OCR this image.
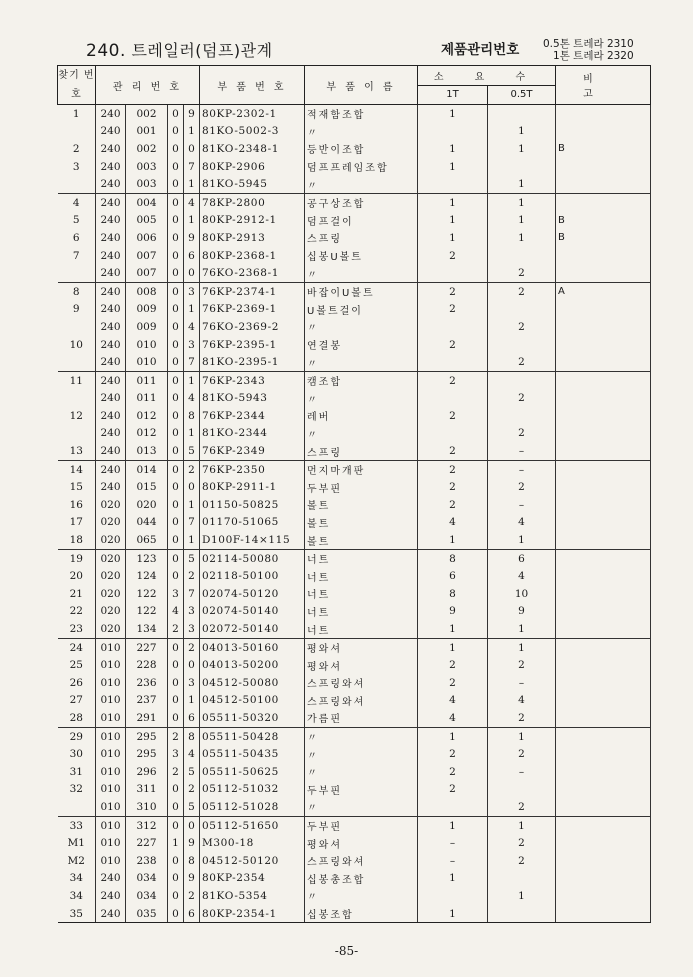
240. 트레일러(덤프)관계	제품관리번호 0.5톤 트레라 2310
1톤 트레라 2320
찾기 번호	관 리 번 호				부 품 번 호	부 품 이 름	소 요 수		비 고
							1T	0.5T	
1	240	002	0	9	80KP-2302-1	적재함조합	1		
	240	001	0	1	81KO-5002-3	〃		1	
2	240	002	0	0	81KO-2348-1	등반이조합	1	1	B
3	240	003	0	7	80KP-2906	덤프프레임조합	1		
	240	003	0	1	81KO-5945	〃		1	
4	240	004	0	4	78KP-2800	공구상조합	1	1	
5	240	005	0	1	80KP-2912-1	덤프걸이	1	1	B
6	240	006	0	9	80KP-2913	스프링	1	1	B
7	240	007	0	6	80KP-2368-1	십봉U볼트	2		
	240	007	0	0	76KO-2368-1	〃		2	
8	240	008	0	3	76KP-2374-1	바잡이U볼트	2	2	A
9	240	009	0	1	76KP-2369-1	U볼트걸이	2		
	240	009	0	4	76KO-2369-2	〃		2	
10	240	010	0	3	76KP-2395-1	연결봉	2		
	240	010	0	7	81KO-2395-1	〃		2	
11	240	011	0	1	76KP-2343	캠조합	2		
	240	011	0	4	81KO-5943	〃		2	
12	240	012	0	8	76KP-2344	레버	2		
	240	012	0	1	81KO-2344	〃		2	
13	240	013	0	5	76KP-2349	스프링	2	–	
14	240	014	0	2	76KP-2350	먼지마개판	2	–	
15	240	015	0	0	80KP-2911-1	두부핀	2	2	
16	020	020	0	1	01150-50825	볼트	2	–	
17	020	044	0	7	01170-51065	볼트	4	4	
18	020	065	0	1	D100F-14×115	볼트	1	1	
19	020	123	0	5	02114-50080	너트	8	6	
20	020	124	0	2	02118-50100	너트	6	4	
21	020	122	3	7	02074-50120	너트	8	10	
22	020	122	4	3	02074-50140	너트	9	9	
23	020	134	2	3	02072-50140	너트	1	1	
24	010	227	0	2	04013-50160	평와셔	1	1	
25	010	228	0	0	04013-50200	평와셔	2	2	
26	010	236	0	3	04512-50080	스프링와셔	2	–	
27	010	237	0	1	04512-50100	스프링와셔	4	4	
28	010	291	0	6	05511-50320	가름핀	4	2	
29	010	295	2	8	05511-50428	〃	1	1	
30	010	295	3	4	05511-50435	〃	2	2	
31	010	296	2	5	05511-50625	〃	2	–	
32	010	311	0	2	05112-51032	두부핀	2		
	010	310	0	5	05112-51028	〃		2	
33	010	312	0	0	05112-51650	두부핀	1	1	
M1	010	227	1	9	M300-18	평와셔	–	2	
M2	010	238	0	8	04512-50120	스프링와셔	–	2	
34	240	034	0	9	80KP-2354	십봉총조합	1		
34	240	034	0	2	81KO-5354	〃		1	
35	240	035	0	6	80KP-2354-1	십봉조합	1		
-85-
